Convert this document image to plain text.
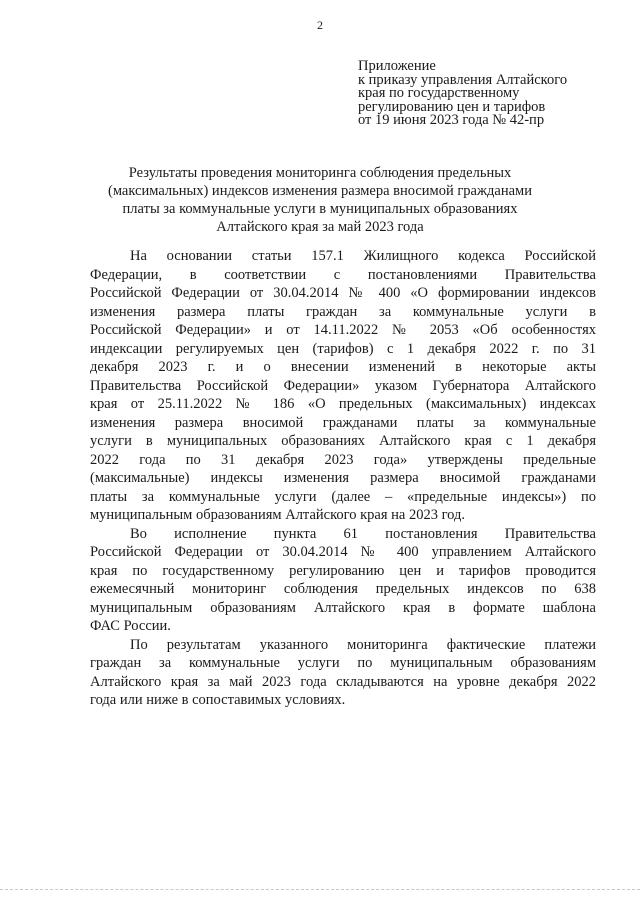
2
Приложение
к приказу управления Алтайского
края по государственному
регулированию цен и тарифов
от 19 июня 2023 года № 42-пр
Результаты проведения мониторинга соблюдения предельных
(максимальных) индексов изменения размера вносимой гражданами
платы за коммунальные услуги в муниципальных образованиях
Алтайского края за май 2023 года
На основании статьи 157.1 Жилищного кодекса Российской
Федерации, в соответствии с постановлениями Правительства
Российской Федерации от 30.04.2014 № 400 «О формировании индексов
изменения размера платы граждан за коммунальные услуги в
Российской Федерации» и от 14.11.2022 № 2053 «Об особенностях
индексации регулируемых цен (тарифов) с 1 декабря 2022 г. по 31
декабря 2023 г. и о внесении изменений в некоторые акты
Правительства Российской Федерации» указом Губернатора Алтайского
края от 25.11.2022 № 186 «О предельных (максимальных) индексах
изменения размера вносимой гражданами платы за коммунальные
услуги в муниципальных образованиях Алтайского края с 1 декабря
2022 года по 31 декабря 2023 года» утверждены предельные
(максимальные) индексы изменения размера вносимой гражданами
платы за коммунальные услуги (далее – «предельные индексы») по
муниципальным образованиям Алтайского края на 2023 год.
Во исполнение пункта 61 постановления Правительства
Российской Федерации от 30.04.2014 № 400 управлением Алтайского
края по государственному регулированию цен и тарифов проводится
ежемесячный мониторинг соблюдения предельных индексов по 638
муниципальным образованиям Алтайского края в формате шаблона
ФАС России.
По результатам указанного мониторинга фактические платежи
граждан за коммунальные услуги по муниципальным образованиям
Алтайского края за май 2023 года складываются на уровне декабря 2022
года или ниже в сопоставимых условиях.
